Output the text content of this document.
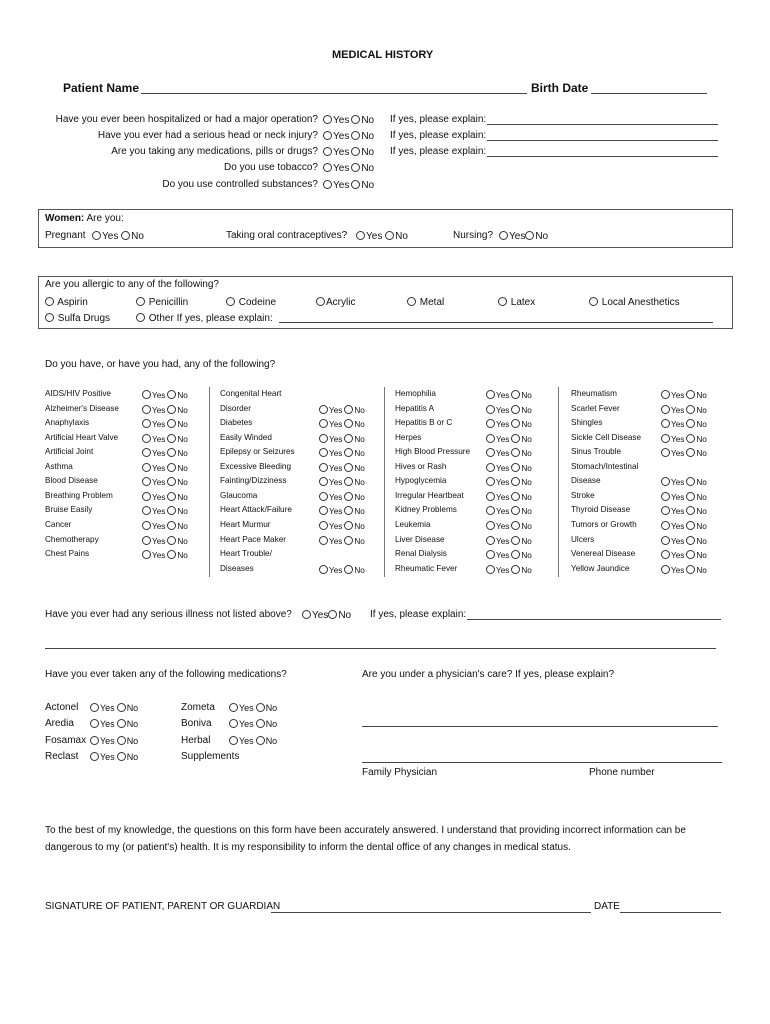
MEDICAL HISTORY
Patient Name	Birth Date
Have you ever been hospitalized or had a major operation?	Yes No If yes, please explain:
Have you ever had a serious head or neck injury?	Yes No If yes, please explain:
Are you taking any medications, pills or drugs?	Yes No If yes, please explain:
Do you use tobacco?	Yes No
Do you use controlled substances?	Yes No
Women: Are you:
Pregnant	Yes No	Taking oral contraceptives?	Yes No	Nursing?	Yes No
Are you allergic to any of the following?
Aspirin	Penicillin	Codeine	Acrylic	Metal	Latex	Local Anesthetics
Sulfa Drugs	Other If yes, please explain:
Do you have, or have you had, any of the following?
AIDS/HIV Positive	Yes No
Alzheimer's Disease	Yes No
Anaphylaxis	Yes No
Artificial Heart Valve	Yes No
Artificial Joint	Yes No
Asthma	Yes No
Blood Disease	Yes No
Breathing Problem	Yes No
Bruise Easily	Yes No
Cancer	Yes No
Chemotherapy	Yes No
Chest Pains	Yes No
Congenital Heart
Disorder	Yes No
Diabetes	Yes No
Easily Winded	Yes No
Epilepsy or Seizures	Yes No
Excessive Bleeding	Yes No
Fainting/Dizziness	Yes No
Glaucoma	Yes No
Heart Attack/Failure	Yes No
Heart Murmur	Yes No
Heart Pace Maker	Yes No
Heart Trouble/
Diseases	Yes No
Hemophilia	Yes No
Hepatitis A	Yes No
Hepatitis B or C	Yes No
Herpes	Yes No
High Blood Pressure	Yes No
Hives or Rash	Yes No
Hypoglycemia	Yes No
Irregular Heartbeat	Yes No
Kidney Problems	Yes No
Leukemia	Yes No
Liver Disease	Yes No
Renal Dialysis	Yes No
Rheumatic Fever	Yes No
Rheumatism	Yes No
Scarlet Fever	Yes No
Shingles	Yes No
Sickle Cell Disease	Yes No
Sinus Trouble	Yes No
Stomach/Intestinal
Disease	Yes No
Stroke	Yes No
Thyroid Disease	Yes No
Tumors or Growth	Yes No
Ulcers	Yes No
Venereal Disease	Yes No
Yellow Jaundice	Yes No
Have you ever had any serious illness not listed above?	Yes No If yes, please explain:
Have you ever taken any of the following medications?
Actonel	Yes No
Aredia	Yes No
Fosamax	Yes No
Reclast	Yes No
Zometa	Yes No
Boniva	Yes No
Herbal	Yes No
Supplements
Are you under a physician's care? If yes, please explain?
Family Physician	Phone number
To the best of my knowledge, the questions on this form have been accurately answered. I understand that providing incorrect information can be
dangerous to my (or patient's) health. It is my responsibility to inform the dental office of any changes in medical status.
SIGNATURE OF PATIENT, PARENT OR GUARDIAN	DATE
